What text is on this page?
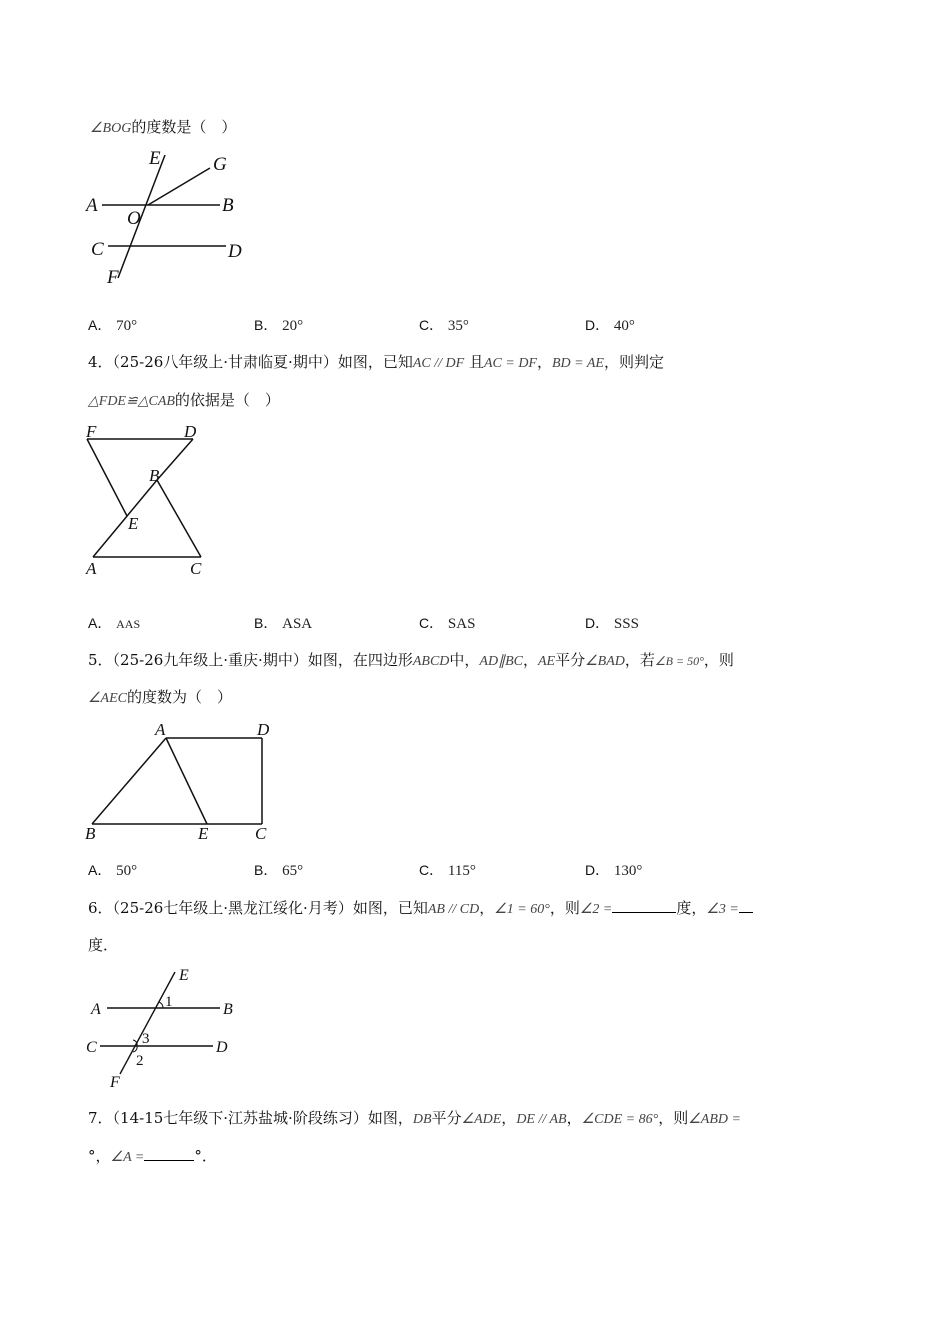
∠BOG的度数是（　）
E	G
A
O
B
C	D
F
A． 70°	B． 20°	C． 35°	D． 40°
4．（25-26八年级上·甘肃临夏·期中）如图，已知AC // DF 且AC = DF，BD = AE，则判定
△FDE≌△CAB的依据是（　）
F	D
B
E
A	C
A． AAS	B． ASA	C． SAS	D． SSS
5．（25-26九年级上·重庆·期中）如图，在四边形ABCD中，AD∥BC，AE平分∠BAD，若∠B = 50°，则
∠AEC的度数为（　）
A	D
B	E	C
A． 50°	B． 65°	C． 115°	D． 130°
6．（25-26七年级上·黑龙江绥化·月考）如图，已知AB // CD，∠1 = 60°，则∠2 =	度，∠3 =
度．
E
A	1	B
3
C
2
D
F
7．（14-15七年级下·江苏盐城·阶段练习）如图，DB平分∠ADE，DE // AB，∠CDE = 86°，则∠ABD =
°，∠A =	°．
